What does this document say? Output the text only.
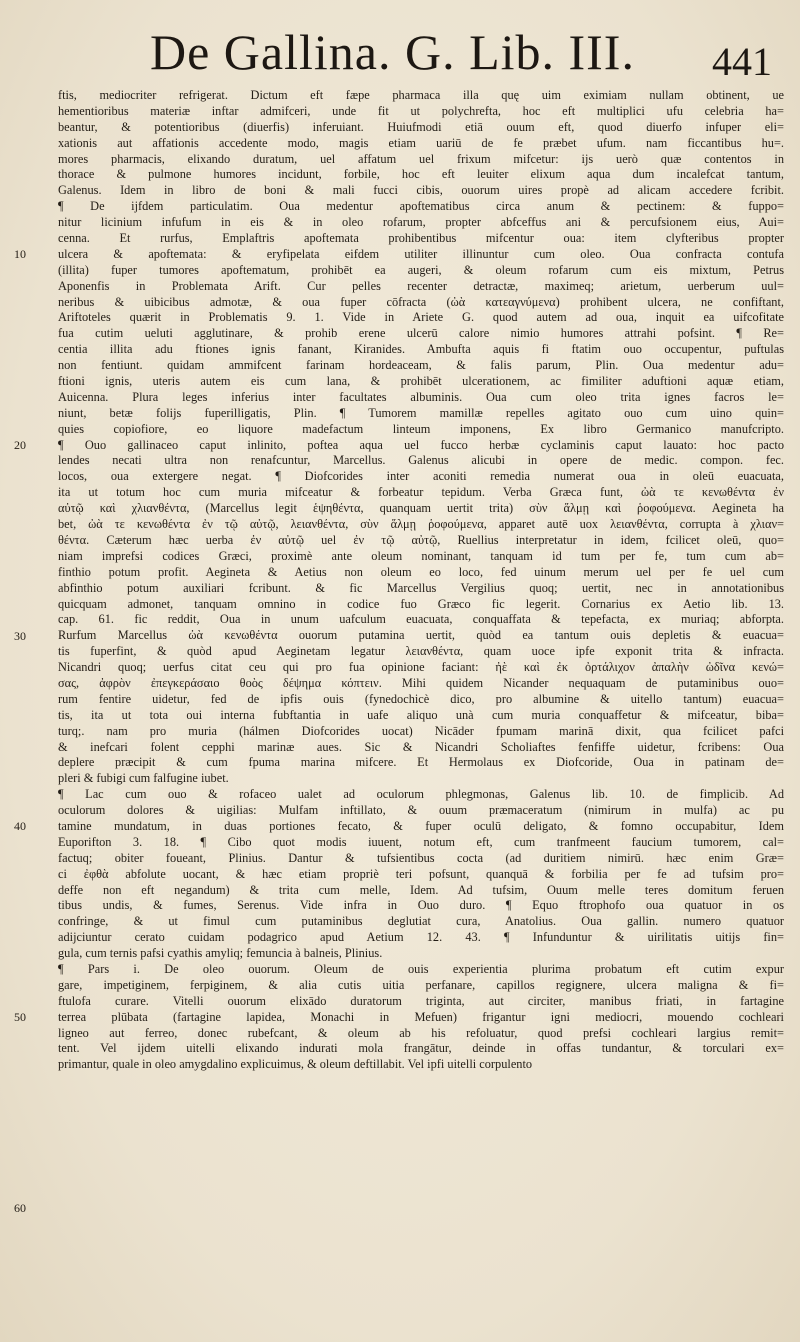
De Gallina. G. Lib. III.	441
10
20
30
40
50
60
ftis, mediocriter refrigerat. Dictum eft fæpe pharmaca illa quę uim eximiam nullam obtinent, ue
hementioribus materiæ inftar admifceri, unde fit ut polychrefta, hoc eft multiplici ufu celebria ha=
beantur, & potentioribus (diuerfis) inferuiant. Huiufmodi etiā ouum eft, quod diuerfo infuper eli=
xationis aut affationis accedente modo, magis etiam uariū de fe præbet ufum. nam ficcantibus hu=.
mores pharmacis, elixando duratum, uel affatum uel frixum mifcetur: ijs uerò quæ contentos in
thorace & pulmone humores incidunt, forbile, hoc eft leuiter elixum aqua dum incalefcat tantum,
Galenus. Idem in libro de boni & mali fucci cibis, ouorum uires propè ad alicam accedere fcribit.
¶ De ijfdem particulatim. Oua medentur apoftematibus circa anum & pectinem: & fuppo=
nitur licinium infufum in eis & in oleo rofarum, propter abfceffus ani & percufsionem eius, Aui=
cenna. Et rurfus, Emplaftris apoftemata prohibentibus mifcentur oua: item clyfteribus propter
ulcera & apoftemata: & eryfipelata eifdem utiliter illinuntur cum oleo. Oua confracta contufa
(illita) fuper tumores apoftematum, prohibēt ea augeri, & oleum rofarum cum eis mixtum, Petrus
Aponenfis in Problemata Arift. Cur pelles recenter detractæ, maximeq; arietum, uerberum uul=
neribus & uibicibus admotæ, & oua fuper cōfracta (ὠὰ κατεαγνύμενα) prohibent ulcera, ne confiftant,
Ariftoteles quærit in Problematis 9. 1. Vide in Ariete G. quod autem ad oua, inquit ea uifcofitate
fua cutim ueluti agglutinare, & prohib erene ulcerū calore nimio humores attrahi pofsint. ¶ Re=
centia illita adu ftiones ignis fanant, Kiranides. Ambufta aquis fi ftatim ouo occupentur, puftulas
non fentiunt. quidam ammifcent farinam hordeaceam, & falis parum, Plin. Oua medentur adu=
ftioni ignis, uteris autem eis cum lana, & prohibēt ulcerationem, ac fimiliter aduftioni aquæ etiam,
Auicenna. Plura leges inferius inter facultates albuminis. Oua cum oleo trita ignes facros le=
niunt, betæ folijs fuperilligatis, Plin. ¶ Tumorem mamillæ repelles agitato ouo cum uino quin=
quies copiofiore, eo liquore madefactum linteum imponens, Ex libro Germanico manufcripto.
¶ Ouo gallinaceo caput inlinito, poftea aqua uel fucco herbæ cyclaminis caput lauato: hoc pacto
lendes necati ultra non renafcuntur, Marcellus. Galenus alicubi in opere de medic. compon. fec.
locos, oua extergere negat. ¶ Diofcorides inter aconiti remedia numerat oua in oleū euacuata,
ita ut totum hoc cum muria mifceatur & forbeatur tepidum. Verba Græca funt, ὠὰ τε κενωθέντα ἐν
αὐτῷ καὶ χλιανθέντα, (Marcellus legit ἑψηθέντα, quanquam uertit trita) σὺν ἅλμῃ καὶ ῥοφούμενα. Aegineta ha
bet, ὠὰ τε κενωθέντα ἐν τῷ αὐτῷ, λειανθέντα, σὺν ἅλμῃ ῥοφούμενα, apparet autē uox λειανθέντα, corrupta à χλιαν=
θέντα. Cæterum hæc uerba ἐν αὐτῷ uel ἐν τῷ αὐτῷ, Ruellius interpretatur in idem, fcilicet oleū, quo=
niam imprefsi codices Græci, proximè ante oleum nominant, tanquam id tum per fe, tum cum ab=
finthio potum profit. Aegineta & Aetius non oleum eo loco, fed uinum merum uel per fe uel cum
abfinthio potum auxiliari fcribunt. & fic Marcellus Vergilius quoq; uertit, nec in annotationibus
quicquam admonet, tanquam omnino in codice fuo Græco fic legerit. Cornarius ex Aetio lib. 13.
cap. 61. fic reddit, Oua in unum uafculum euacuata, conquaffata & tepefacta, ex muriaq; abforpta.
Rurfum Marcellus ὠὰ κενωθέντα ouorum putamina uertit, quòd ea tantum ouis depletis & euacua=
tis fuperfint, & quòd apud Aeginetam legatur λειανθέντα, quam uoce ipfe exponit trita & infracta.
Nicandri quoq; uerfus citat ceu qui pro fua opinione faciant: ἠὲ καὶ ἐκ ὀρτάλιχον ἀπαλὴν ὠδῖνα κενώ=
σας, ἀφρὸν ἐπεγκεράσαιο θοὸς δέψημα κόπτειν. Mihi quidem Nicander nequaquam de putaminibus ouo=
rum fentire uidetur, fed de ipfis ouis (fynedochicè dico, pro albumine & uitello tantum) euacua=
tis, ita ut tota oui interna fubftantia in uafe aliquo unà cum muria conquaffetur & mifceatur, biba=
turq;. nam pro muria (hálmen Diofcorides uocat) Nicāder fpumam marinā dixit, qua fcilicet pafci
& inefcari folent cepphi marinæ aues. Sic & Nicandri Scholiaftes fenfiffe uidetur, fcribens: Oua
deplere præcipit & cum fpuma marina mifcere. Et Hermolaus ex Diofcoride, Oua in patinam de=
pleri & fubigi cum falfugine iubet.
¶ Lac cum ouo & rofaceo ualet ad oculorum phlegmonas, Galenus lib. 10. de fimplicib. Ad
oculorum dolores & uigilias: Mulfam inftillato, & ouum præmaceratum (nimirum in mulfa) ac pu
tamine mundatum, in duas portiones fecato, & fuper oculū deligato, & fomno occupabitur, Idem
Euporifton 3. 18. ¶ Cibo quot modis iuuent, notum eft, cum tranfmeent faucium tumorem, cal=
factuq; obiter foueant, Plinius. Dantur & tufsientibus cocta (ad duritiem nimirū. hæc enim Græ=
ci ἐφθὰ abfolute uocant, & hæc etiam propriè teri pofsunt, quanquā & forbilia per fe ad tufsim pro=
deffe non eft negandum) & trita cum melle, Idem. Ad tufsim, Ouum melle teres domitum feruen
tibus undis, & fumes, Serenus. Vide infra in Ouo duro. ¶ Equo ftrophofo oua quatuor in os
confringe, & ut fimul cum putaminibus deglutiat cura, Anatolius. Oua gallin. numero quatuor
adijciuntur cerato cuidam podagrico apud Aetium 12. 43. ¶ Infunduntur & uirilitatis uitijs fin=
gula, cum ternis pafsi cyathis amyliq; femuncia à balneis, Plinius.
¶ Pars i. De oleo ouorum. Oleum de ouis experientia plurima probatum eft cutim expur
gare, impetiginem, ferpiginem, & alia cutis uitia perfanare, capillos regignere, ulcera maligna & fi=
ftulofa curare. Vitelli ouorum elixādo duratorum triginta, aut circiter, manibus friati, in fartagine
terrea plūbata (fartagine lapidea, Monachi in Mefuen) frigantur igni mediocri, mouendo cochleari
ligneo aut ferreo, donec rubefcant, & oleum ab his refoluatur, quod prefsi cochleari largius remit=
tent. Vel ijdem uitelli elixando indurati mola frangātur, deinde in offas tundantur, & torculari ex=
primantur, quale in oleo amygdalino explicuimus, & oleum deftillabit. Vel ipfi uitelli corpulento
